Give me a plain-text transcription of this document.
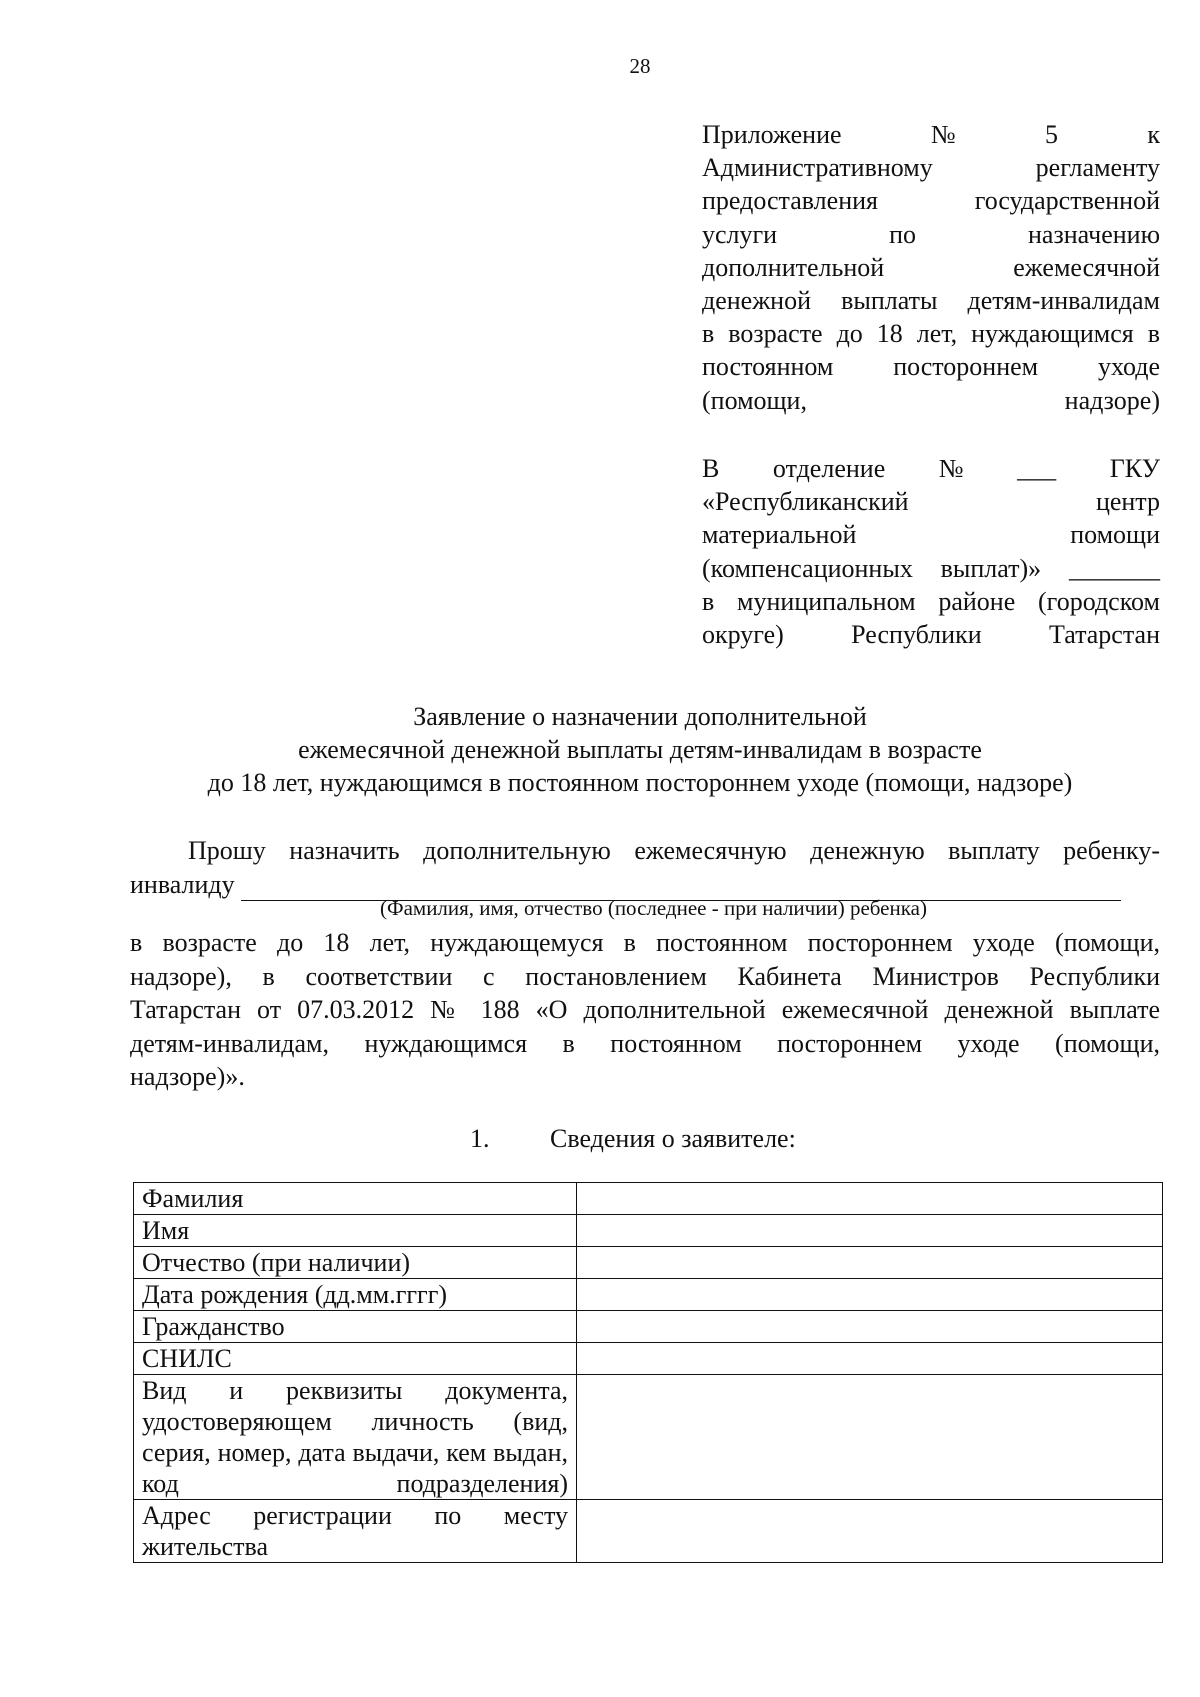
28
Приложение	№	5	к
Административному	регламенту
предоставления	государственной
услуги	по	назначению
дополнительной	ежемесячной
денежной выплаты детям-инвалидам
в возрасте до 18 лет, нуждающимся в
постоянном постороннем уходе
(помощи, надзоре)
В отделение № ___ ГКУ
«Республиканский	центр
материальной	помощи
(компенсационных выплат)» _______
в муниципальном районе (городском
округе) Республики Татарстан
Заявление о назначении дополнительной
ежемесячной денежной выплаты детям-инвалидам в возрасте
до 18 лет, нуждающимся в постоянном постороннем уходе (помощи, надзоре)
Прошу назначить дополнительную ежемесячную денежную выплату ребенку-
инвалиду
(Фамилия, имя, отчество (последнее - при наличии) ребенка)
в возрасте до 18 лет, нуждающемуся в постоянном постороннем уходе (помощи,
надзоре), в соответствии с постановлением Кабинета Министров Республики
Татарстан от 07.03.2012 № 188 «О дополнительной ежемесячной денежной выплате
детям-инвалидам, нуждающимся в постоянном постороннем уходе (помощи,
надзоре)».
1. Сведения о заявителе:
Фамилия	
Имя	
Отчество (при наличии)	
Дата рождения (дд.мм.гггг)	
Гражданство	
СНИЛС	
Вид и реквизиты документа, удостоверяющем личность (вид, серия, номер, дата выдачи, кем выдан, код подразделения)	
Адрес регистрации по месту жительства	
